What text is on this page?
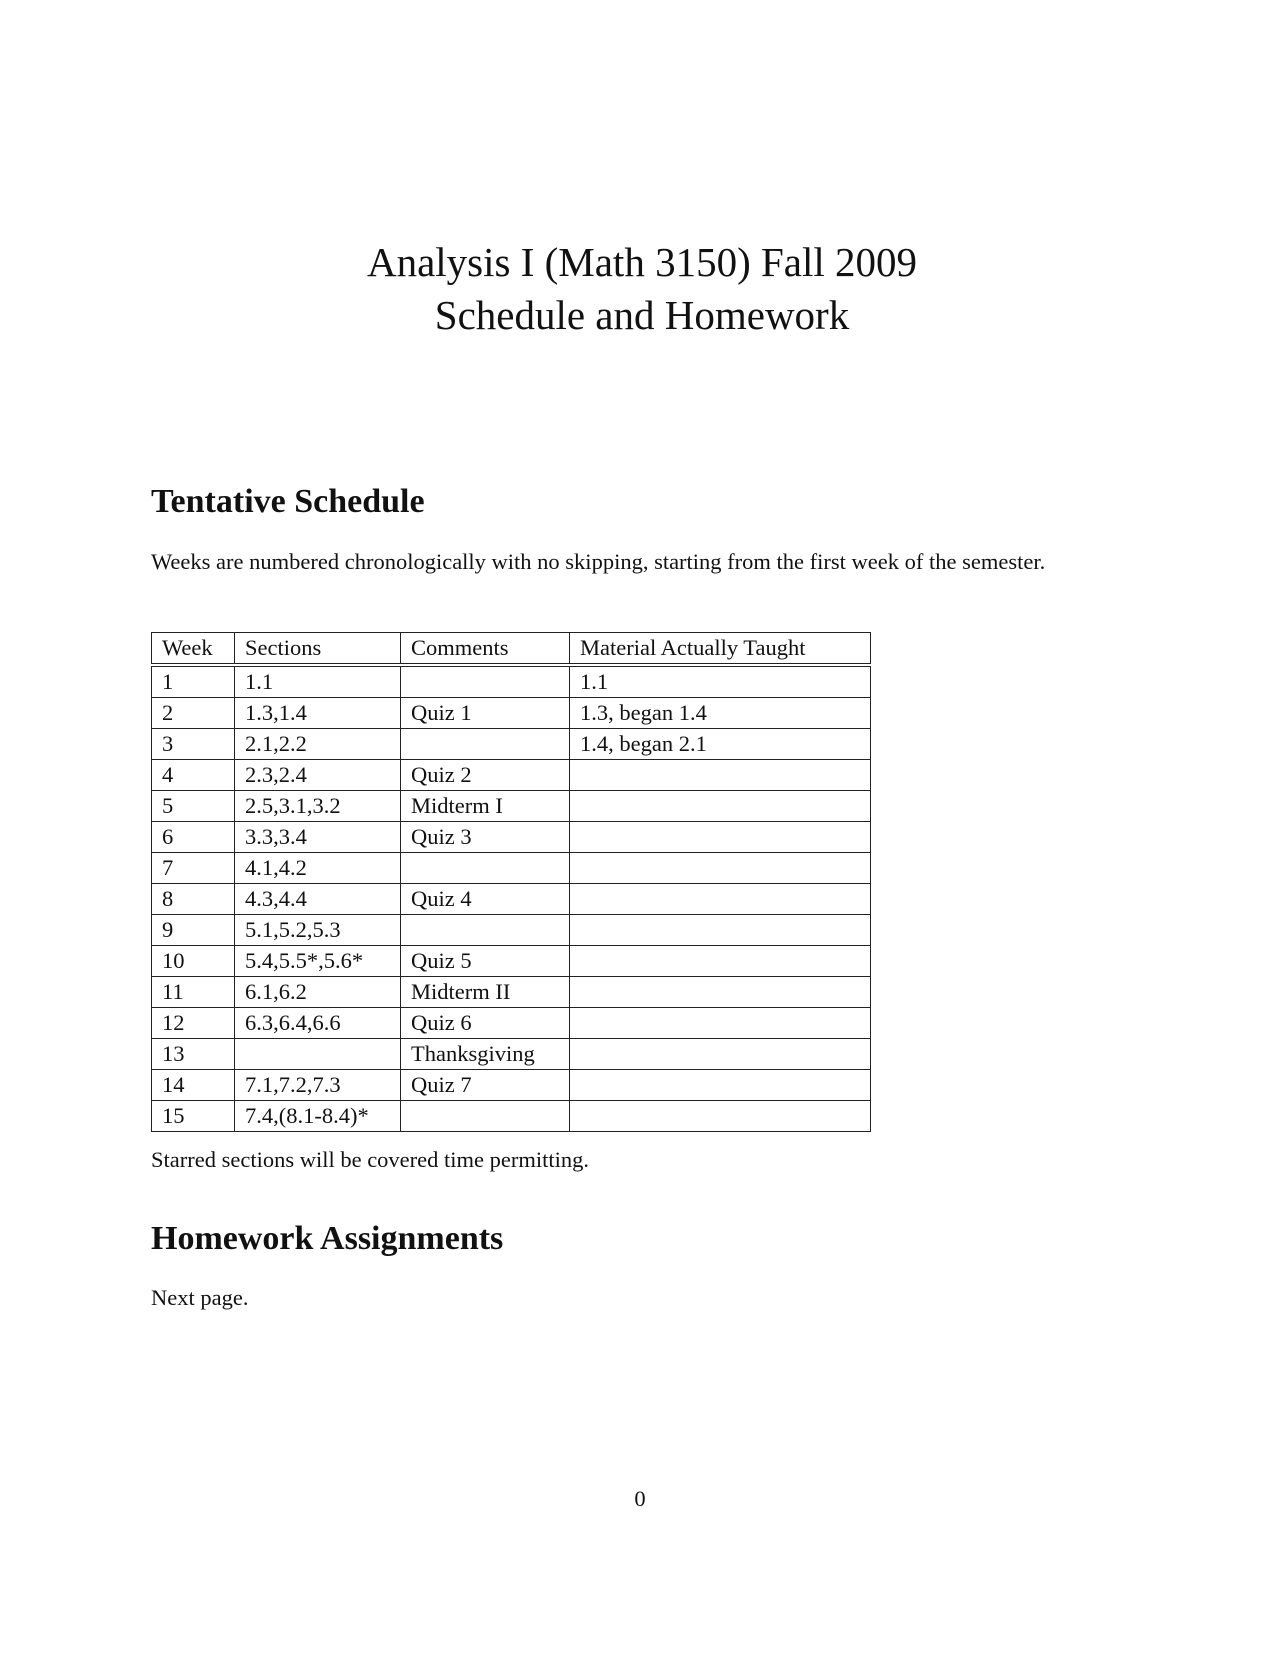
Analysis I (Math 3150) Fall 2009
Schedule and Homework
Tentative Schedule
Weeks are numbered chronologically with no skipping, starting from the first week of the semester.
Week	Sections	Comments	Material Actually Taught
1	1.1		1.1
2	1.3,1.4	Quiz 1	1.3, began 1.4
3	2.1,2.2		1.4, began 2.1
4	2.3,2.4	Quiz 2	
5	2.5,3.1,3.2	Midterm I	
6	3.3,3.4	Quiz 3	
7	4.1,4.2		
8	4.3,4.4	Quiz 4	
9	5.1,5.2,5.3		
10	5.4,5.5*,5.6*	Quiz 5	
11	6.1,6.2	Midterm II	
12	6.3,6.4,6.6	Quiz 6	
13		Thanksgiving	
14	7.1,7.2,7.3	Quiz 7	
15	7.4,(8.1-8.4)*		
Starred sections will be covered time permitting.
Homework Assignments
Next page.
0
